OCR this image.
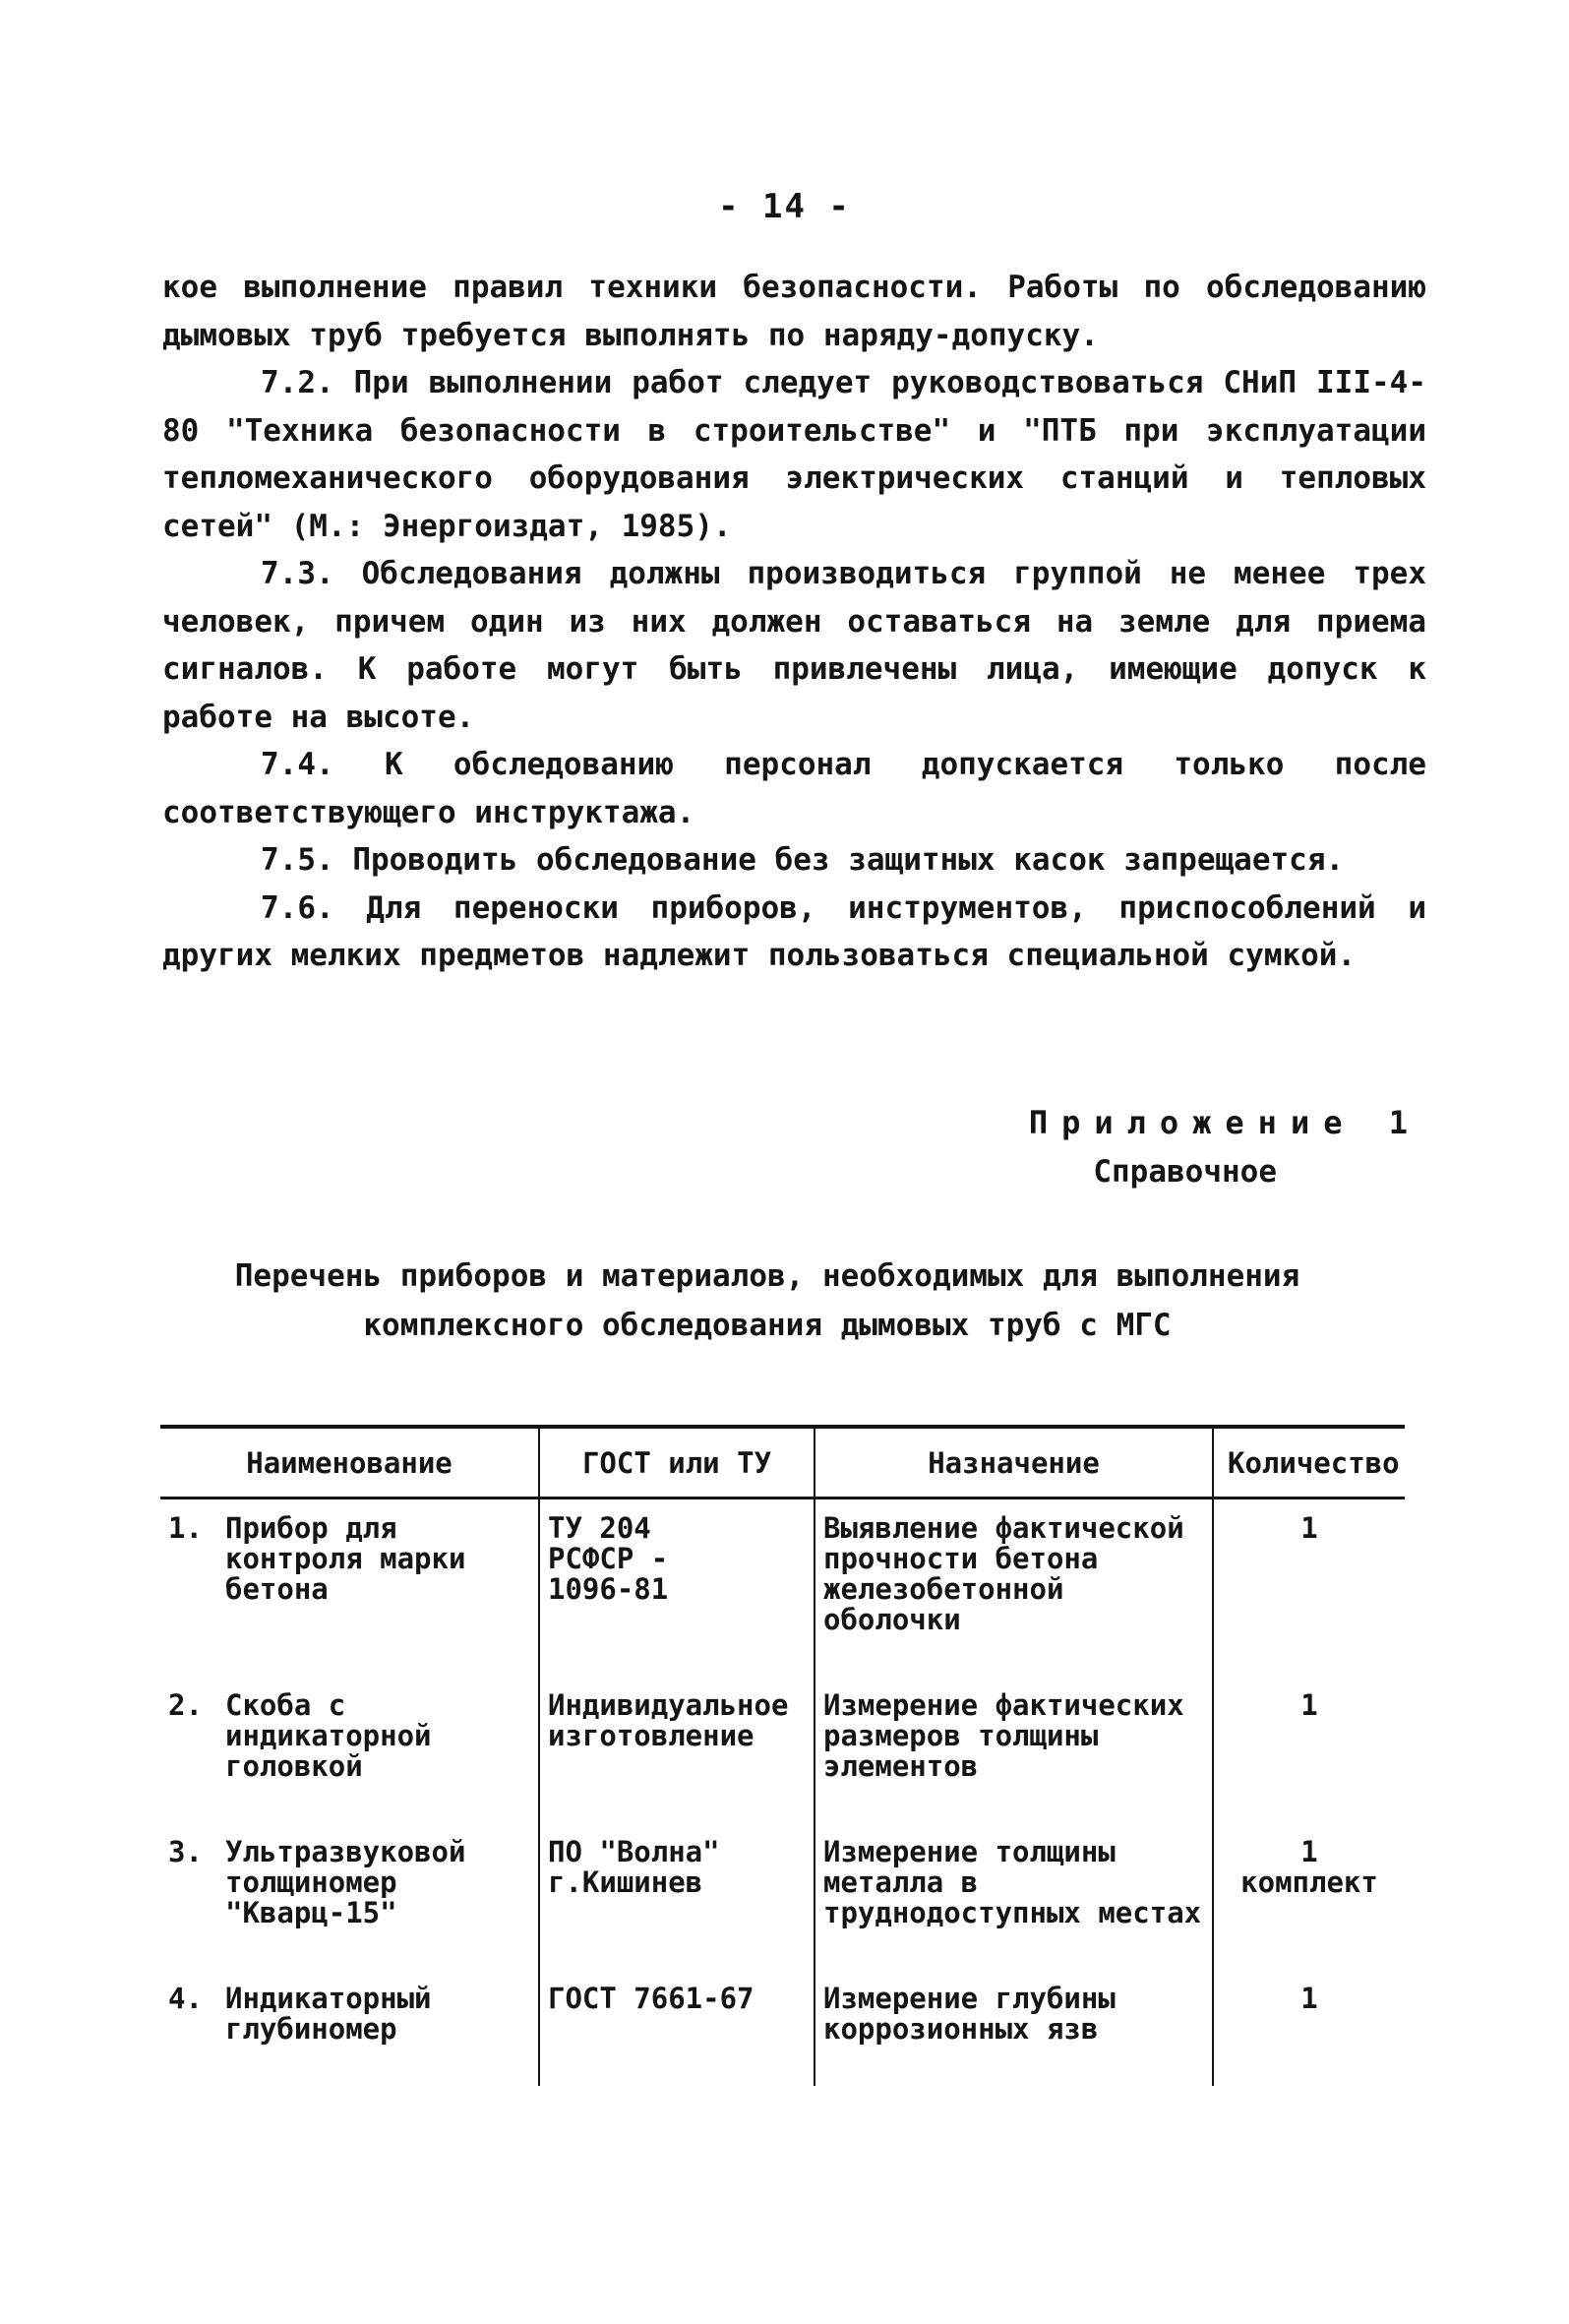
- 14 -

кое выполнение правил техники безопасности. Работы по обследованию дымовых труб требуется выполнять по наряду-допуску.

7.2. При выполнении работ следует руководствоваться СНиП III-4-80 "Техника безопасности в строительстве" и "ПТБ при эксплуатации тепломеханического оборудования электрических станций и тепловых сетей" (М.: Энергоиздат, 1985).

7.3. Обследования должны производиться группой не менее трех человек, причем один из них должен оставаться на земле для приема сигналов. К работе могут быть привлечены лица, имеющие допуск к работе на высоте.

7.4. К обследованию персонал допускается только после соответствующего инструктажа.

7.5. Проводить обследование без защитных касок запрещается.

7.6. Для переноски приборов, инструментов, приспособлений и других мелких предметов надлежит пользоваться специальной сумкой.

Приложение 1
Справочное
Перечень приборов и материалов, необходимых для выполнения
комплексного обследования дымовых труб с МГС
Наименование	ГОСТ или ТУ	Назначение	Количество

1. Прибор для контроля марки бетона	ТУ 204
РСФСР -
1096-81	Выявление фактической прочности бетона железобетонной оболочки	1

2. Скоба с индикаторной головкой	Индивидуальное изготовление	Измерение фактических размеров толщины элементов	1

3. Ультразвуковой толщиномер "Кварц-15"	ПО "Волна"
г.Кишинев	Измерение толщины металла в труднодоступных местах	1
комплект

4. Индикаторный глубиномер	ГОСТ 7661-67	Измерение глубины коррозионных язв	1
